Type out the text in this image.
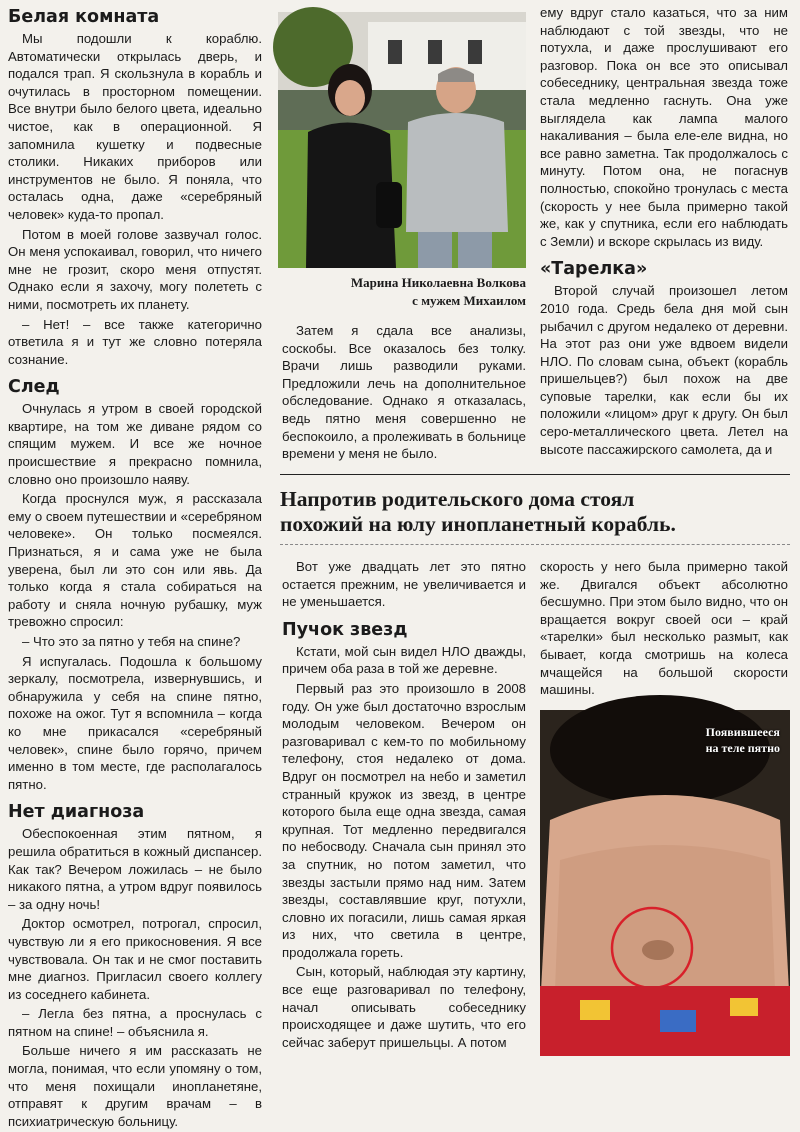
Белая комната

Мы подошли к кораблю. Автоматически открылась дверь, и подался трап. Я скользнула в корабль и очутилась в просторном помещении. Все внутри было белого цвета, идеально чистое, как в операционной. Я запомнила кушетку и подвесные столики. Никаких приборов или инструментов не было. Я поняла, что осталась одна, даже «серебряный человек» куда-то пропал.

Потом в моей голове зазвучал голос. Он меня успокаивал, говорил, что ничего мне не грозит, скоро меня отпустят. Однако если я захочу, могу полететь с ними, посмотреть их планету.

– Нет! – все также категорично ответила я и тут же словно потеряла сознание.

След

Очнулась я утром в своей городской квартире, на том же диване рядом со спящим мужем. И все же ночное происшествие я прекрасно помнила, словно оно произошло наяву.

Когда проснулся муж, я рассказала ему о своем путешествии и «серебряном человеке». Он только посмеялся. Признаться, я и сама уже не была уверена, был ли это сон или явь. Да только когда я стала собираться на работу и сняла ночную рубашку, муж тревожно спросил:

– Что это за пятно у тебя на спине?

Я испугалась. Подошла к большому зеркалу, посмотрела, извернувшись, и обнаружила у себя на спине пятно, похоже на ожог. Тут я вспомнила – когда ко мне прикасался «серебряный человек», спине было горячо, причем именно в том месте, где располагалось пятно.

Нет диагноза

Обеспокоенная этим пятном, я решила обратиться в кожный диспансер. Как так? Вечером ложилась – не было никакого пятна, а утром вдруг появилось – за одну ночь!

Доктор осмотрел, потрогал, спросил, чувствую ли я его прикосновения. Я все чувствовала. Он так и не смог поставить мне диагноз. Пригласил своего коллегу из соседнего кабинета.

– Легла без пятна, а проснулась с пятном на спине! – объяснила я.

Больше ничего я им рассказать не могла, понимая, что если упомяну о том, что меня похищали инопланетяне, отправят к другим врачам – в психиатрическую больницу.

Марина Николаевна Волкова
с мужем Михаилом

Затем я сдала все анализы, соскобы. Все оказалось без толку. Врачи лишь разводили руками. Предложили лечь на дополнительное обследование. Однако я отказалась, ведь пятно меня совершенно не беспокоило, а пролеживать в больнице времени у меня не было.

ему вдруг стало казаться, что за ним наблюдают с той звезды, что не потухла, и даже прослушивают его разговор. Пока он все это описывал собеседнику, центральная звезда тоже стала медленно гаснуть. Она уже выглядела как лампа малого накаливания – была еле-еле видна, но все равно заметна. Так продолжалось с минуту. Потом она, не погаснув полностью, спокойно тронулась с места (скорость у нее была примерно такой же, как у спутника, если его наблюдать с Земли) и вскоре скрылась из виду.

«Тарелка»

Второй случай произошел летом 2010 года. Средь бела дня мой сын рыбачил с другом недалеко от деревни. На этот раз они уже вдвоем видели НЛО. По словам сына, объект (корабль пришельцев?) был похож на две суповые тарелки, как если бы их положили «лицом» друг к другу. Он был серо-металлического цвета. Летел на высоте пассажирского самолета, да и

Напротив родительского дома стоял
похожий на юлу инопланетный корабль.

Вот уже двадцать лет это пятно остается прежним, не увеличивается и не уменьшается.

Пучок звезд

Кстати, мой сын видел НЛО дважды, причем оба раза в той же деревне.

Первый раз это произошло в 2008 году. Он уже был достаточно взрослым молодым человеком. Вечером он разговаривал с кем-то по мобильному телефону, стоя недалеко от дома. Вдруг он посмотрел на небо и заметил странный кружок из звезд, в центре которого была еще одна звезда, самая крупная. Тот медленно передвигался по небосводу. Сначала сын принял это за спутник, но потом заметил, что звезды застыли прямо над ним. Затем звезды, составлявшие круг, потухли, словно их погасили, лишь самая яркая из них, что светила в центре, продолжала гореть.

Сын, который, наблюдая эту картину, все еще разговаривал по телефону, начал описывать собеседнику происходящее и даже шутить, что его сейчас заберут пришельцы. А потом

скорость у него была примерно такой же. Двигался объект абсолютно бесшумно. При этом было видно, что он вращается вокруг своей оси – край «тарелки» был несколько размыт, как бывает, когда смотришь на колеса мчащейся на большой скорости машины.

Появившееся
на теле пятно
